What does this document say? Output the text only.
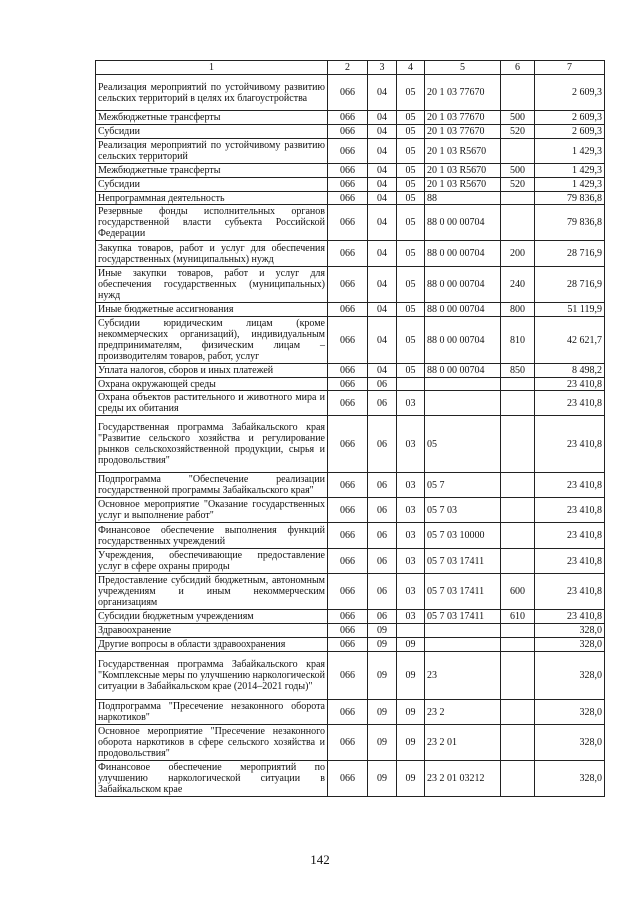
1	2	3	4	5	6	7
Реализация мероприятий по устойчивому развитию сельских территорий в целях их благоустройства	066	04	05	20 1 03 77670		2 609,3
Межбюджетные трансферты	066	04	05	20 1 03 77670	500	2 609,3
Субсидии	066	04	05	20 1 03 77670	520	2 609,3
Реализация мероприятий по устойчивому развитию сельских территорий	066	04	05	20 1 03 R5670		1 429,3
Межбюджетные трансферты	066	04	05	20 1 03 R5670	500	1 429,3
Субсидии	066	04	05	20 1 03 R5670	520	1 429,3
Непрограммная деятельность	066	04	05	88		79 836,8
Резервные фонды исполнительных органов государственной власти субъекта Российской Федерации	066	04	05	88 0 00 00704		79 836,8
Закупка товаров, работ и услуг для обеспечения государственных (муниципальных) нужд	066	04	05	88 0 00 00704	200	28 716,9
Иные закупки товаров, работ и услуг для обеспечения государственных (муниципальных) нужд	066	04	05	88 0 00 00704	240	28 716,9
Иные бюджетные ассигнования	066	04	05	88 0 00 00704	800	51 119,9
Субсидии юридическим лицам (кроме некоммерческих организаций), индивидуальным предпринимателям, физическим лицам – производителям товаров, работ, услуг	066	04	05	88 0 00 00704	810	42 621,7
Уплата налогов, сборов и иных платежей	066	04	05	88 0 00 00704	850	8 498,2
Охрана окружающей среды	066	06				23 410,8
Охрана объектов растительного и животного мира и среды их обитания	066	06	03			23 410,8
Государственная программа Забайкальского края "Развитие сельского хозяйства и регулирование рынков сельскохозяйственной продукции, сырья и продовольствия"	066	06	03	05		23 410,8
Подпрограмма "Обеспечение реализации государственной программы Забайкальского края"	066	06	03	05 7		23 410,8
Основное мероприятие "Оказание государственных услуг и выполнение работ"	066	06	03	05 7 03		23 410,8
Финансовое обеспечение выполнения функций государственных учреждений	066	06	03	05 7 03 10000		23 410,8
Учреждения, обеспечивающие предоставление услуг в сфере охраны природы	066	06	03	05 7 03 17411		23 410,8
Предоставление субсидий бюджетным, автономным учреждениям и иным некоммерческим организациям	066	06	03	05 7 03 17411	600	23 410,8
Субсидии бюджетным учреждениям	066	06	03	05 7 03 17411	610	23 410,8
Здравоохранение	066	09				328,0
Другие вопросы в области здравоохранения	066	09	09			328,0
Государственная программа Забайкальского края "Комплексные меры по улучшению наркологической ситуации в Забайкальском крае (2014–2021 годы)"	066	09	09	23		328,0
Подпрограмма "Пресечение незаконного оборота наркотиков"	066	09	09	23 2		328,0
Основное мероприятие "Пресечение незаконного оборота наркотиков в сфере сельского хозяйства и продовольствия"	066	09	09	23 2 01		328,0
Финансовое обеспечение мероприятий по улучшению наркологической ситуации в Забайкальском крае	066	09	09	23 2 01 03212		328,0
142
